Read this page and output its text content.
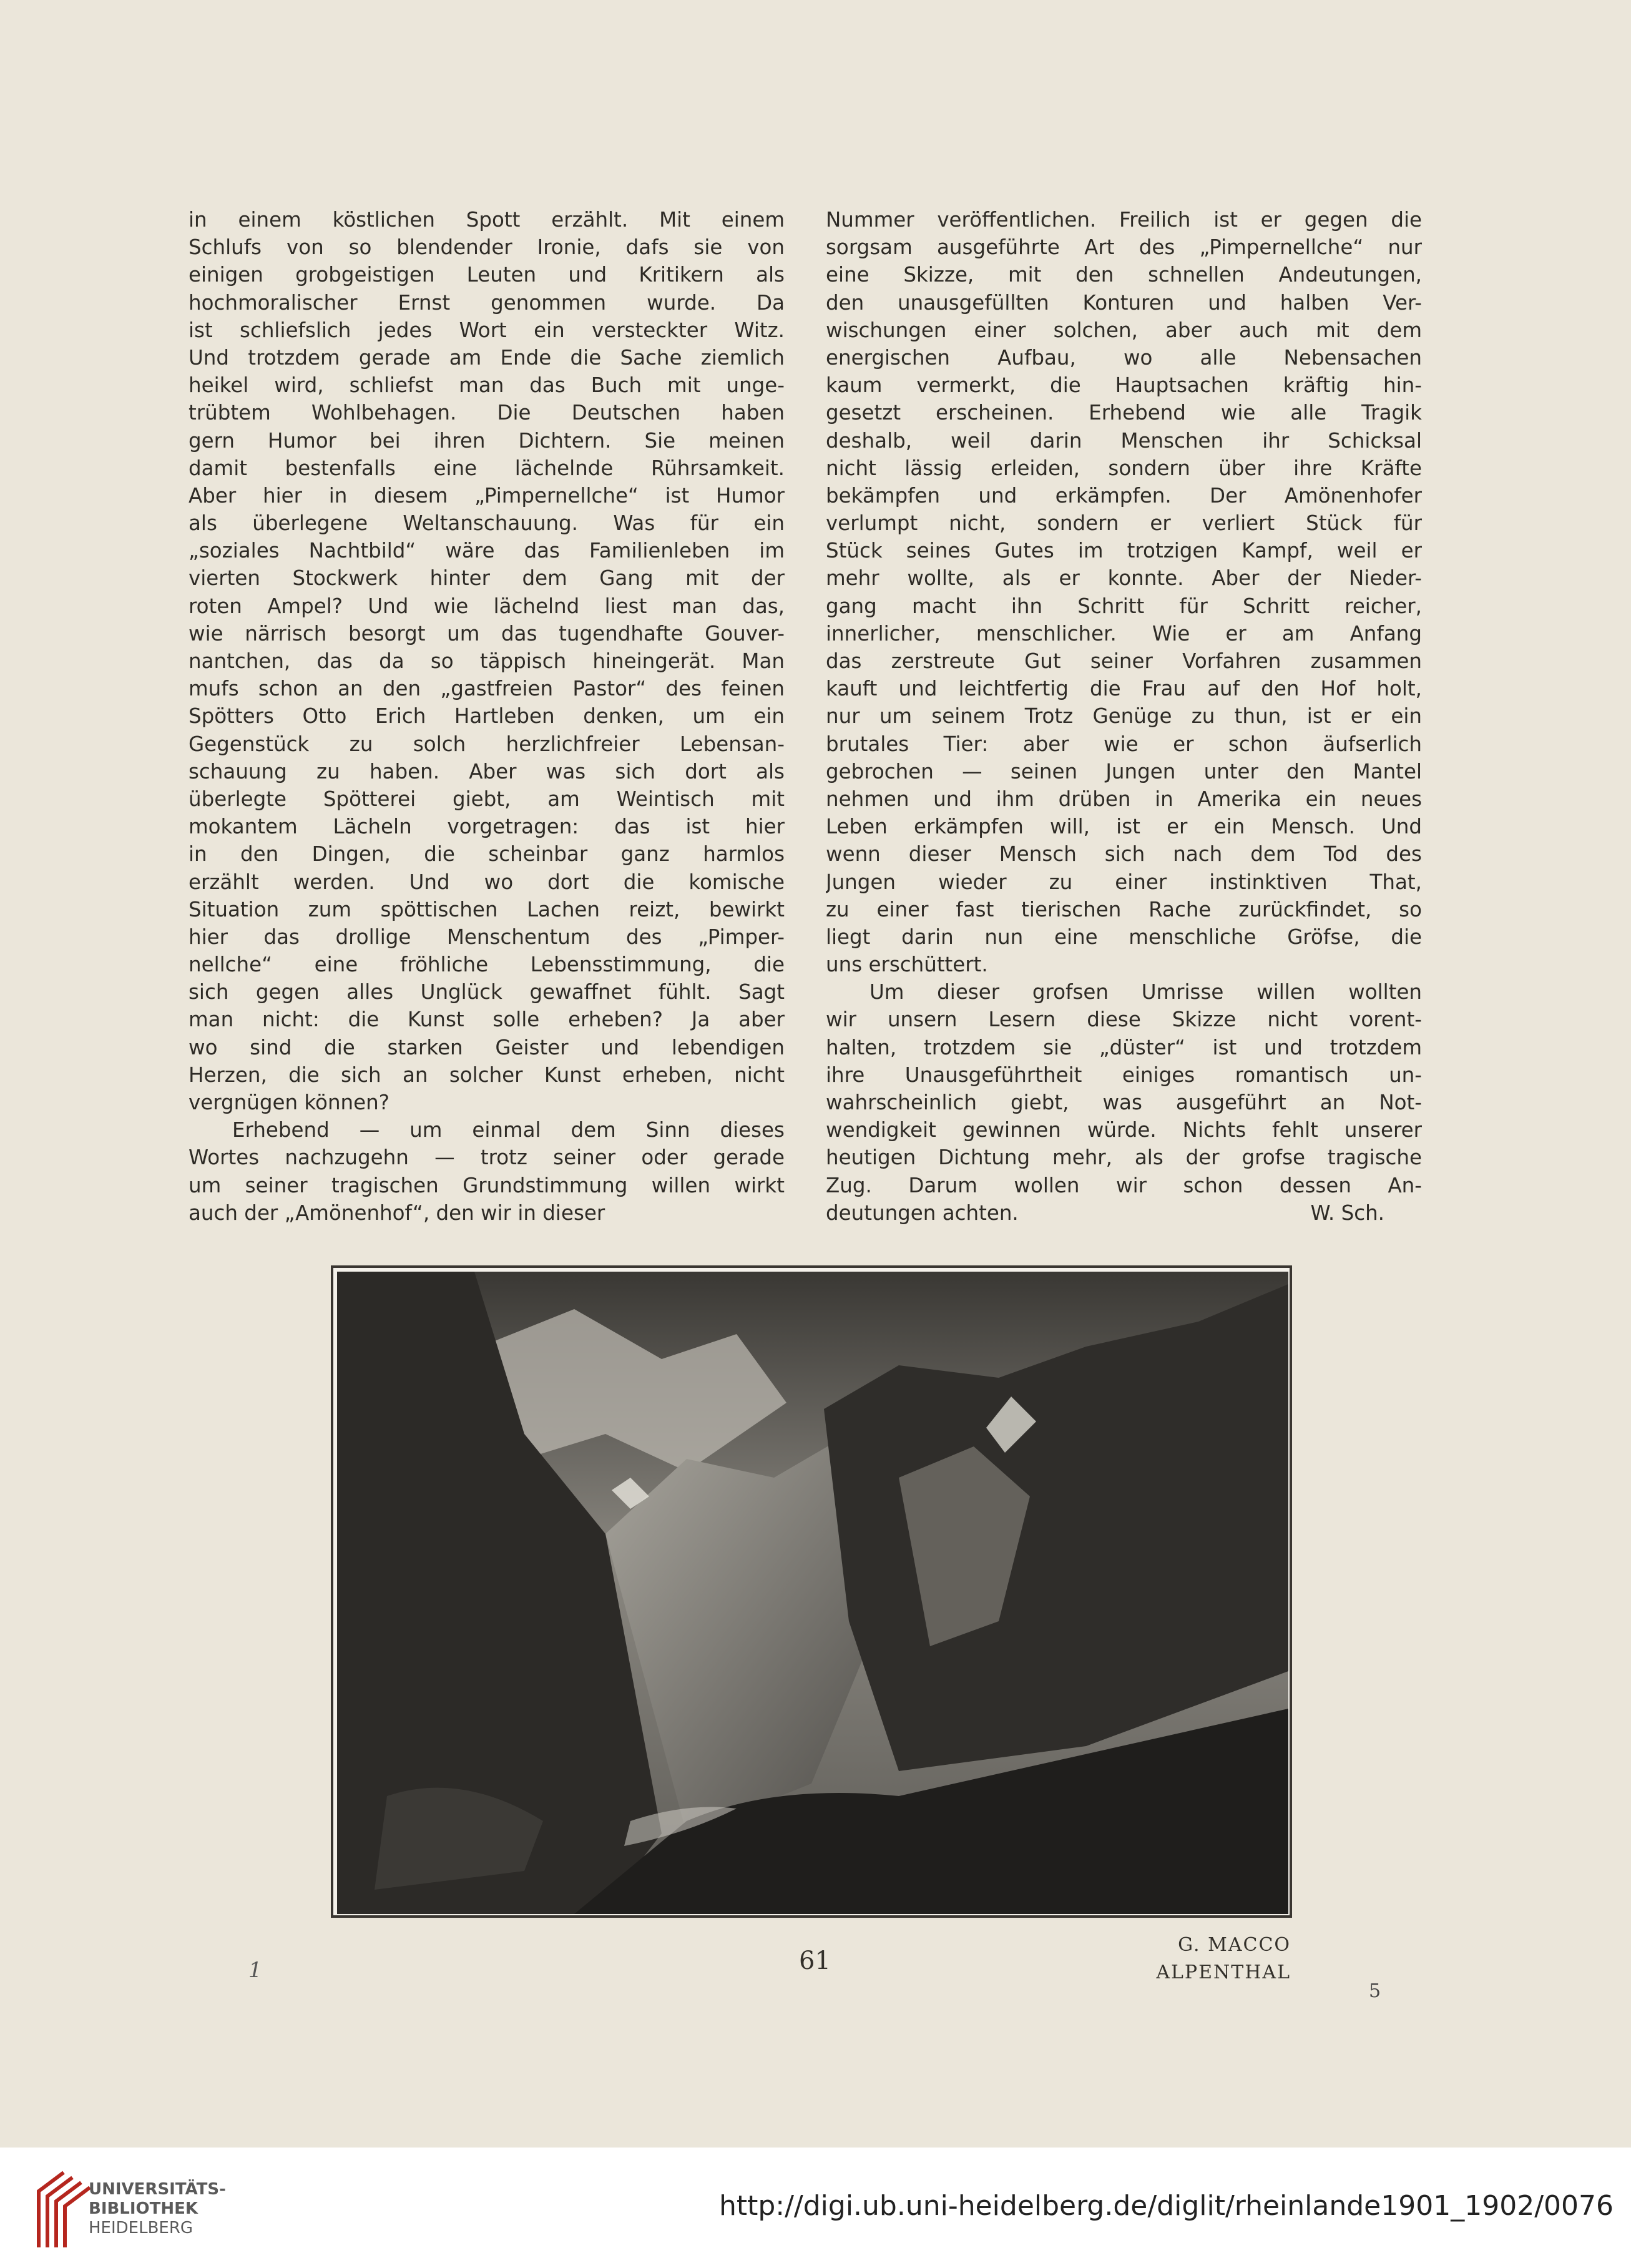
in einem köstlichen Spott erzählt. Mit einem
Schlufs von so blendender Ironie, dafs sie von
einigen grobgeistigen Leuten und Kritikern als
hochmoralischer Ernst genommen wurde. Da
ist schliefslich jedes Wort ein versteckter Witz.
Und trotzdem gerade am Ende die Sache ziemlich
heikel wird, schliefst man das Buch mit unge-
trübtem Wohlbehagen. Die Deutschen haben
gern Humor bei ihren Dichtern. Sie meinen
damit bestenfalls eine lächelnde Rührsamkeit.
Aber hier in diesem „Pimpernellche“ ist Humor
als überlegene Weltanschauung. Was für ein
„soziales Nachtbild“ wäre das Familienleben im
vierten Stockwerk hinter dem Gang mit der
roten Ampel? Und wie lächelnd liest man das,
wie närrisch besorgt um das tugendhafte Gouver-
nantchen, das da so täppisch hineingerät. Man
mufs schon an den „gastfreien Pastor“ des feinen
Spötters Otto Erich Hartleben denken, um ein
Gegenstück zu solch herzlichfreier Lebensan-
schauung zu haben. Aber was sich dort als
überlegte Spötterei giebt, am Weintisch mit
mokantem Lächeln vorgetragen: das ist hier
in den Dingen, die scheinbar ganz harmlos
erzählt werden. Und wo dort die komische
Situation zum spöttischen Lachen reizt, bewirkt
hier das drollige Menschentum des „Pimper-
nellche“ eine fröhliche Lebensstimmung, die
sich gegen alles Unglück gewaffnet fühlt. Sagt
man nicht: die Kunst solle erheben? Ja aber
wo sind die starken Geister und lebendigen
Herzen, die sich an solcher Kunst erheben, nicht
vergnügen können?
Erhebend — um einmal dem Sinn dieses
Wortes nachzugehn — trotz seiner oder gerade
um seiner tragischen Grundstimmung willen wirkt
auch der „Amönenhof“, den wir in dieser
Nummer veröffentlichen. Freilich ist er gegen die
sorgsam ausgeführte Art des „Pimpernellche“ nur
eine Skizze, mit den schnellen Andeutungen,
den unausgefüllten Konturen und halben Ver-
wischungen einer solchen, aber auch mit dem
energischen Aufbau, wo alle Nebensachen
kaum vermerkt, die Hauptsachen kräftig hin-
gesetzt erscheinen. Erhebend wie alle Tragik
deshalb, weil darin Menschen ihr Schicksal
nicht lässig erleiden, sondern über ihre Kräfte
bekämpfen und erkämpfen. Der Amönenhofer
verlumpt nicht, sondern er verliert Stück für
Stück seines Gutes im trotzigen Kampf, weil er
mehr wollte, als er konnte. Aber der Nieder-
gang macht ihn Schritt für Schritt reicher,
innerlicher, menschlicher. Wie er am Anfang
das zerstreute Gut seiner Vorfahren zusammen
kauft und leichtfertig die Frau auf den Hof holt,
nur um seinem Trotz Genüge zu thun, ist er ein
brutales Tier: aber wie er schon äufserlich
gebrochen — seinen Jungen unter den Mantel
nehmen und ihm drüben in Amerika ein neues
Leben erkämpfen will, ist er ein Mensch. Und
wenn dieser Mensch sich nach dem Tod des
Jungen wieder zu einer instinktiven That,
zu einer fast tierischen Rache zurückfindet, so
liegt darin nun eine menschliche Gröfse, die
uns erschüttert.
Um dieser grofsen Umrisse willen wollten
wir unsern Lesern diese Skizze nicht vorent-
halten, trotzdem sie „düster“ ist und trotzdem
ihre Unausgeführtheit einiges romantisch un-
wahrscheinlich giebt, was ausgeführt an Not-
wendigkeit gewinnen würde. Nichts fehlt unserer
heutigen Dichtung mehr, als der grofse tragische
Zug. Darum wollen wir schon dessen An-
deutungen achten.	W. Sch.
G. MACCO
ALPENTHAL
1	61
5
UNIVERSITÄTS-
BIBLIOTHEK
HEIDELBERG
http://digi.ub.uni-heidelberg.de/diglit/rheinlande1901_1902/0076
